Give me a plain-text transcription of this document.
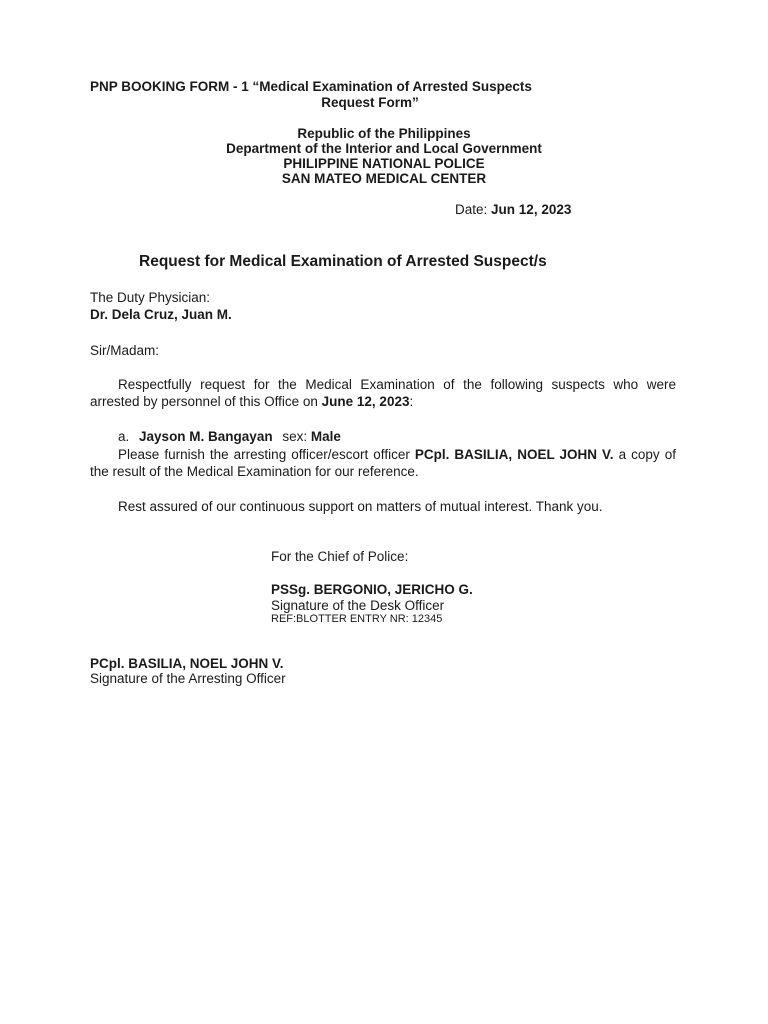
PNP BOOKING FORM - 1 “Medical Examination of Arrested Suspects
Request Form”
Republic of the Philippines
Department of the Interior and Local Government
PHILIPPINE NATIONAL POLICE
SAN MATEO MEDICAL CENTER
Date: Jun 12, 2023
Request for Medical Examination of Arrested Suspect/s
The Duty Physician:
Dr. Dela Cruz, Juan M.
Sir/Madam:
Respectfully request for the Medical Examination of the following suspects who were arrested by personnel of this Office on June 12, 2023:
a. Jayson M. Bangayan sex: Male
Please furnish the arresting officer/escort officer PCpl. BASILIA, NOEL JOHN V. a copy of the result of the Medical Examination for our reference.
Rest assured of our continuous support on matters of mutual interest. Thank you.
For the Chief of Police:
PSSg. BERGONIO, JERICHO G.
Signature of the Desk Officer
REF:BLOTTER ENTRY NR: 12345
PCpl. BASILIA, NOEL JOHN V.
Signature of the Arresting Officer
